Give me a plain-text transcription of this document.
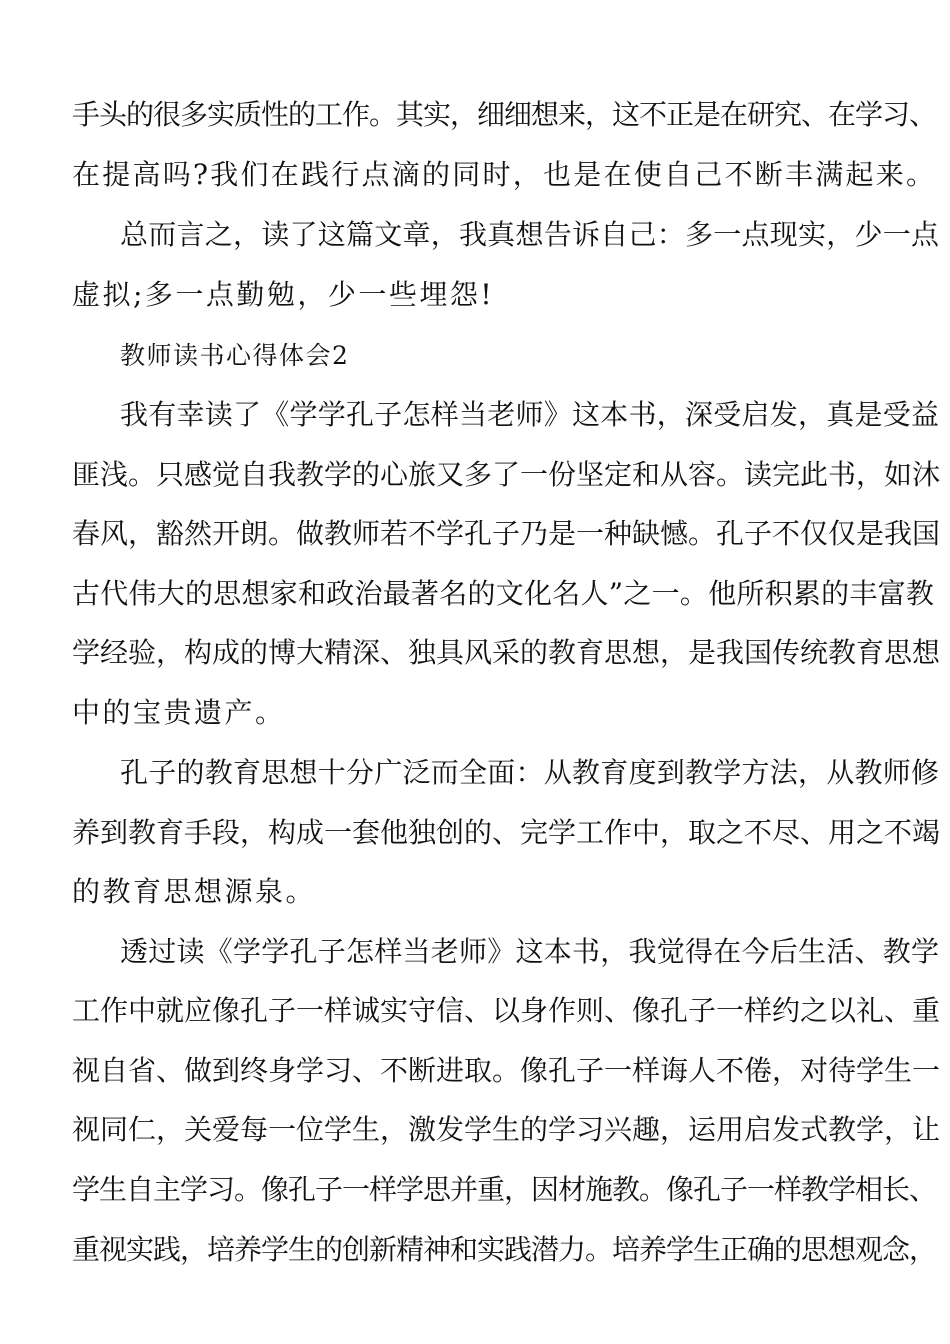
手头的很多实质性的工作。其实，细细想来，这不正是在研究、在学习、
在提高吗?我们在践行点滴的同时，也是在使自己不断丰满起来。
总而言之，读了这篇文章，我真想告诉自己：多一点现实，少一点
虚拟;多一点勤勉，少一些埋怨!
教师读书心得体会2
我有幸读了《学学孔子怎样当老师》这本书，深受启发，真是受益
匪浅。只感觉自我教学的心旅又多了一份坚定和从容。读完此书，如沐
春风，豁然开朗。做教师若不学孔子乃是一种缺憾。孔子不仅仅是我国
古代伟大的思想家和政治最著名的文化名人”之一。他所积累的丰富教
学经验，构成的博大精深、独具风采的教育思想，是我国传统教育思想
中的宝贵遗产。
孔子的教育思想十分广泛而全面：从教育度到教学方法，从教师修
养到教育手段，构成一套他独创的、完学工作中，取之不尽、用之不竭
的教育思想源泉。
透过读《学学孔子怎样当老师》这本书，我觉得在今后生活、教学
工作中就应像孔子一样诚实守信、以身作则、像孔子一样约之以礼、重
视自省、做到终身学习、不断进取。像孔子一样诲人不倦，对待学生一
视同仁，关爱每一位学生，激发学生的学习兴趣，运用启发式教学，让
学生自主学习。像孔子一样学思并重，因材施教。像孔子一样教学相长、
重视实践，培养学生的创新精神和实践潜力。培养学生正确的思想观念，
